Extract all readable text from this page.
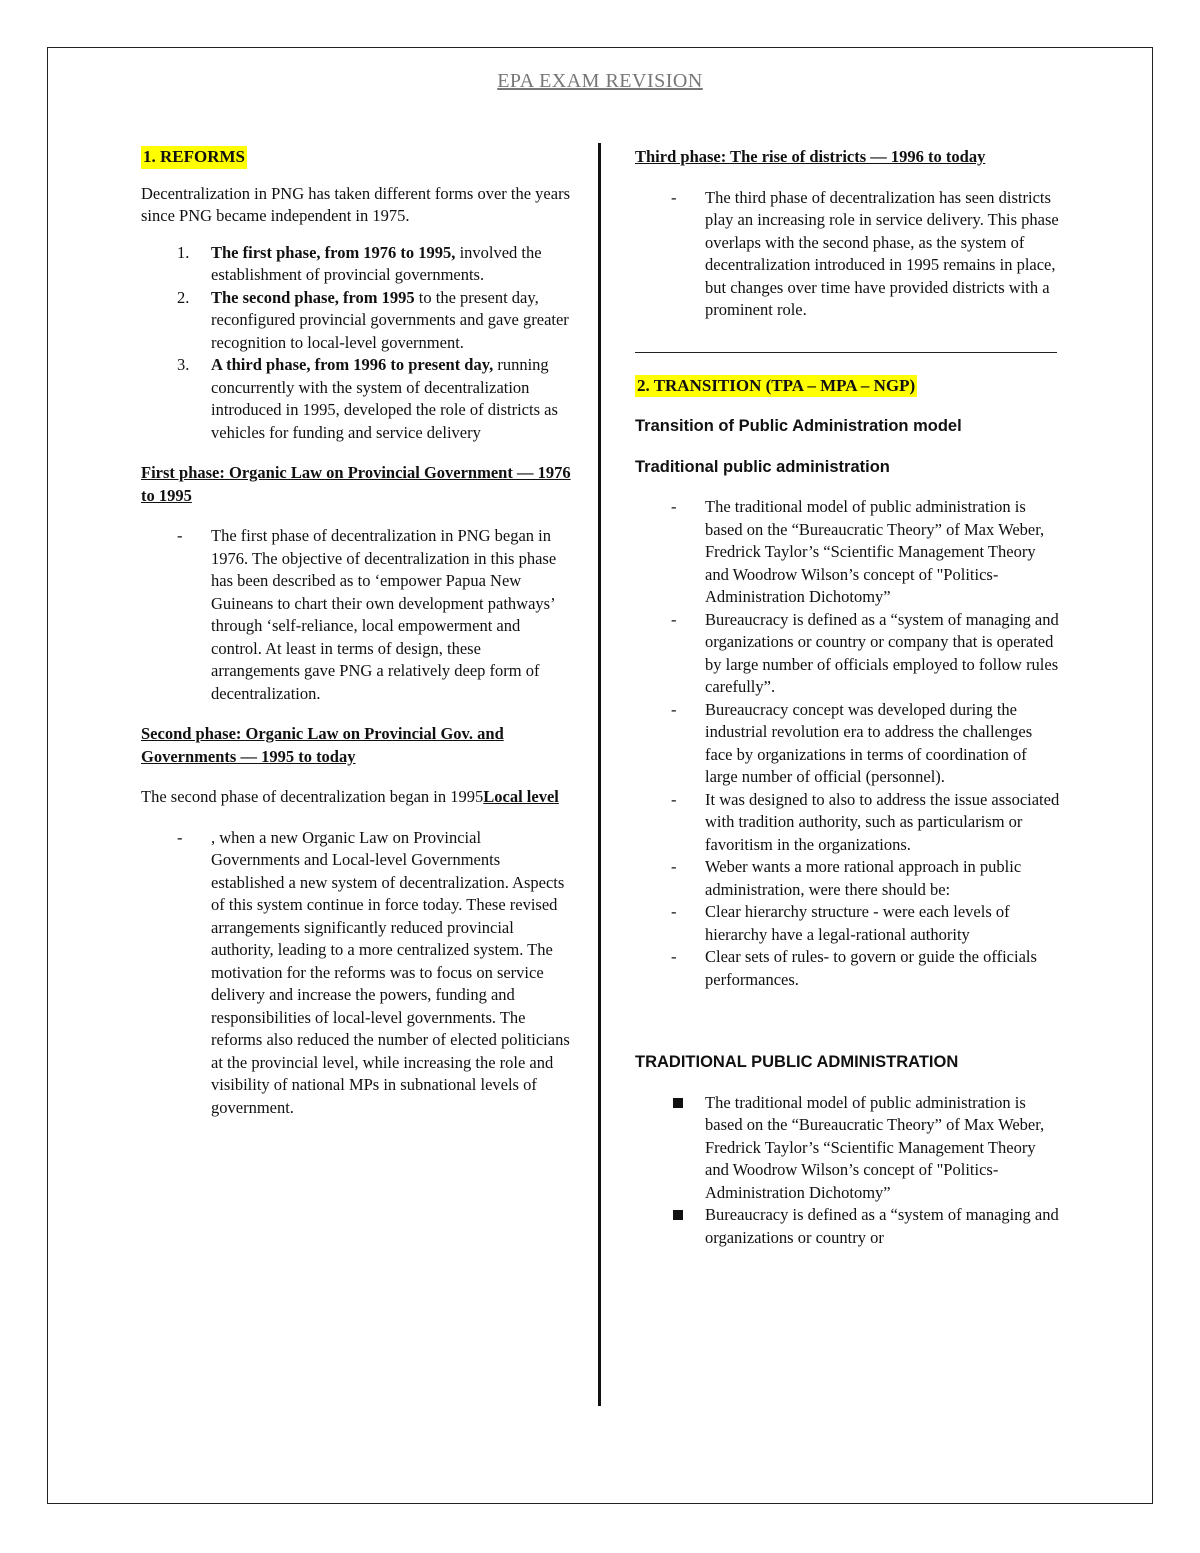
EPA EXAM REVISION
1. REFORMS

Decentralization in PNG has taken different forms over the years since PNG became independent in 1975.

1. The first phase, from 1976 to 1995, involved the establishment of provincial governments.
2. The second phase, from 1995 to the present day, reconfigured provincial governments and gave greater recognition to local-level government.
3. A third phase, from 1996 to present day, running concurrently with the system of decentralization introduced in 1995, developed the role of districts as vehicles for funding and service delivery

First phase: Organic Law on Provincial Government — 1976 to 1995

- The first phase of decentralization in PNG began in 1976. The objective of decentralization in this phase has been described as to ‘empower Papua New Guineans to chart their own development pathways’ through ‘self-reliance, local empowerment and control. At least in terms of design, these arrangements gave PNG a relatively deep form of decentralization.

Second phase: Organic Law on Provincial Gov. and Governments — 1995 to today

The second phase of decentralization began in 1995Local level

- , when a new Organic Law on Provincial Governments and Local-level Governments established a new system of decentralization. Aspects of this system continue in force today. These revised arrangements significantly reduced provincial authority, leading to a more centralized system. The motivation for the reforms was to focus on service delivery and increase the powers, funding and responsibilities of local-level governments. The reforms also reduced the number of elected politicians at the provincial level, while increasing the role and visibility of national MPs in subnational levels of government.

Third phase: The rise of districts — 1996 to today

- The third phase of decentralization has seen districts play an increasing role in service delivery. This phase overlaps with the second phase, as the system of decentralization introduced in 1995 remains in place, but changes over time have provided districts with a prominent role.
2. TRANSITION (TPA – MPA – NGP)

Transition of Public Administration model

Traditional public administration

- The traditional model of public administration is based on the “Bureaucratic Theory” of Max Weber, Fredrick Taylor’s “Scientific Management Theory and Woodrow Wilson’s concept of "Politics-Administration Dichotomy”
- Bureaucracy is defined as a “system of managing and organizations or country or company that is operated by large number of officials employed to follow rules carefully”.
- Bureaucracy concept was developed during the industrial revolution era to address the challenges face by organizations in terms of coordination of large number of official (personnel).
- It was designed to also to address the issue associated with tradition authority, such as particularism or favoritism in the organizations.
- Weber wants a more rational approach in public administration, were there should be:
- Clear hierarchy structure - were each levels of hierarchy have a legal-rational authority
- Clear sets of rules- to govern or guide the officials performances.

TRADITIONAL PUBLIC ADMINISTRATION

The traditional model of public administration is based on the “Bureaucratic Theory” of Max Weber, Fredrick Taylor’s “Scientific Management Theory and Woodrow Wilson’s concept of "Politics-Administration Dichotomy”
Bureaucracy is defined as a “system of managing and organizations or country or
